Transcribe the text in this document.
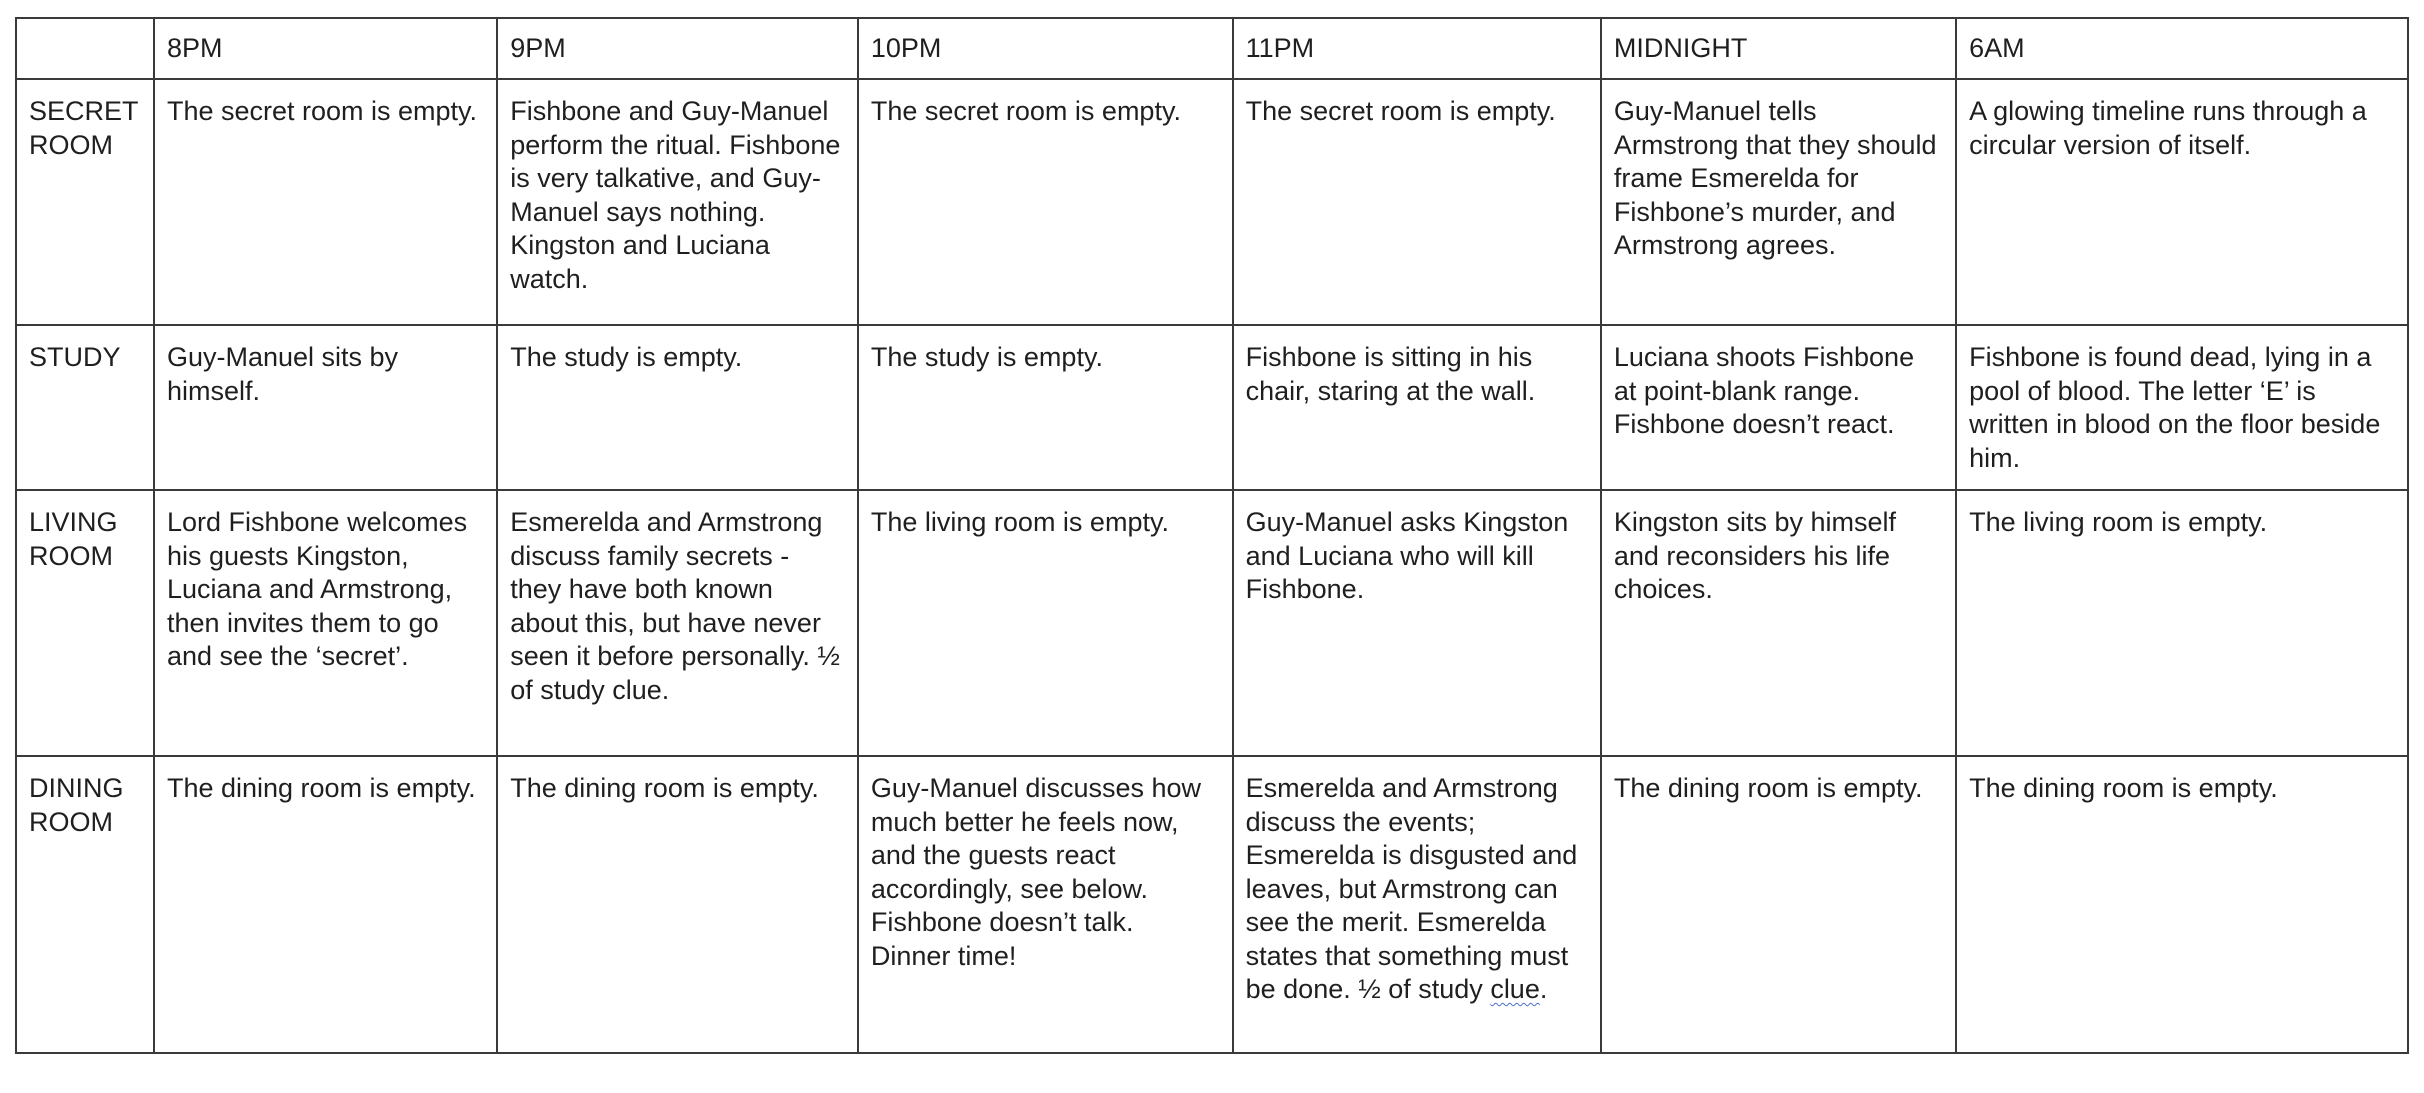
	8PM	9PM	10PM	11PM	MIDNIGHT	6AM
SECRET ROOM	The secret room is empty.	Fishbone and Guy-Manuel perform the ritual. Fishbone is very talkative, and Guy-Manuel says nothing. Kingston and Luciana watch.	The secret room is empty.	The secret room is empty.	Guy-Manuel tells Armstrong that they should frame Esmerelda for Fishbone’s murder, and Armstrong agrees.	A glowing timeline runs through a circular version of itself.
STUDY	Guy-Manuel sits by himself.	The study is empty.	The study is empty.	Fishbone is sitting in his chair, staring at the wall.	Luciana shoots Fishbone at point-blank range. Fishbone doesn’t react.	Fishbone is found dead, lying in a pool of blood. The letter ‘E’ is written in blood on the floor beside him.
LIVING ROOM	Lord Fishbone welcomes his guests Kingston, Luciana and Armstrong, then invites them to go and see the ‘secret’.	Esmerelda and Armstrong discuss family secrets - they have both known about this, but have never seen it before personally. ½ of study clue.	The living room is empty.	Guy-Manuel asks Kingston and Luciana who will kill Fishbone.	Kingston sits by himself and reconsiders his life choices.	The living room is empty.
DINING ROOM	The dining room is empty.	The dining room is empty.	Guy-Manuel discusses how much better he feels now, and the guests react accordingly, see below. Fishbone doesn’t talk. Dinner time!	Esmerelda and Armstrong discuss the events; Esmerelda is disgusted and leaves, but Armstrong can see the merit. Esmerelda states that something must be done. ½ of study clue.	The dining room is empty.	The dining room is empty.
